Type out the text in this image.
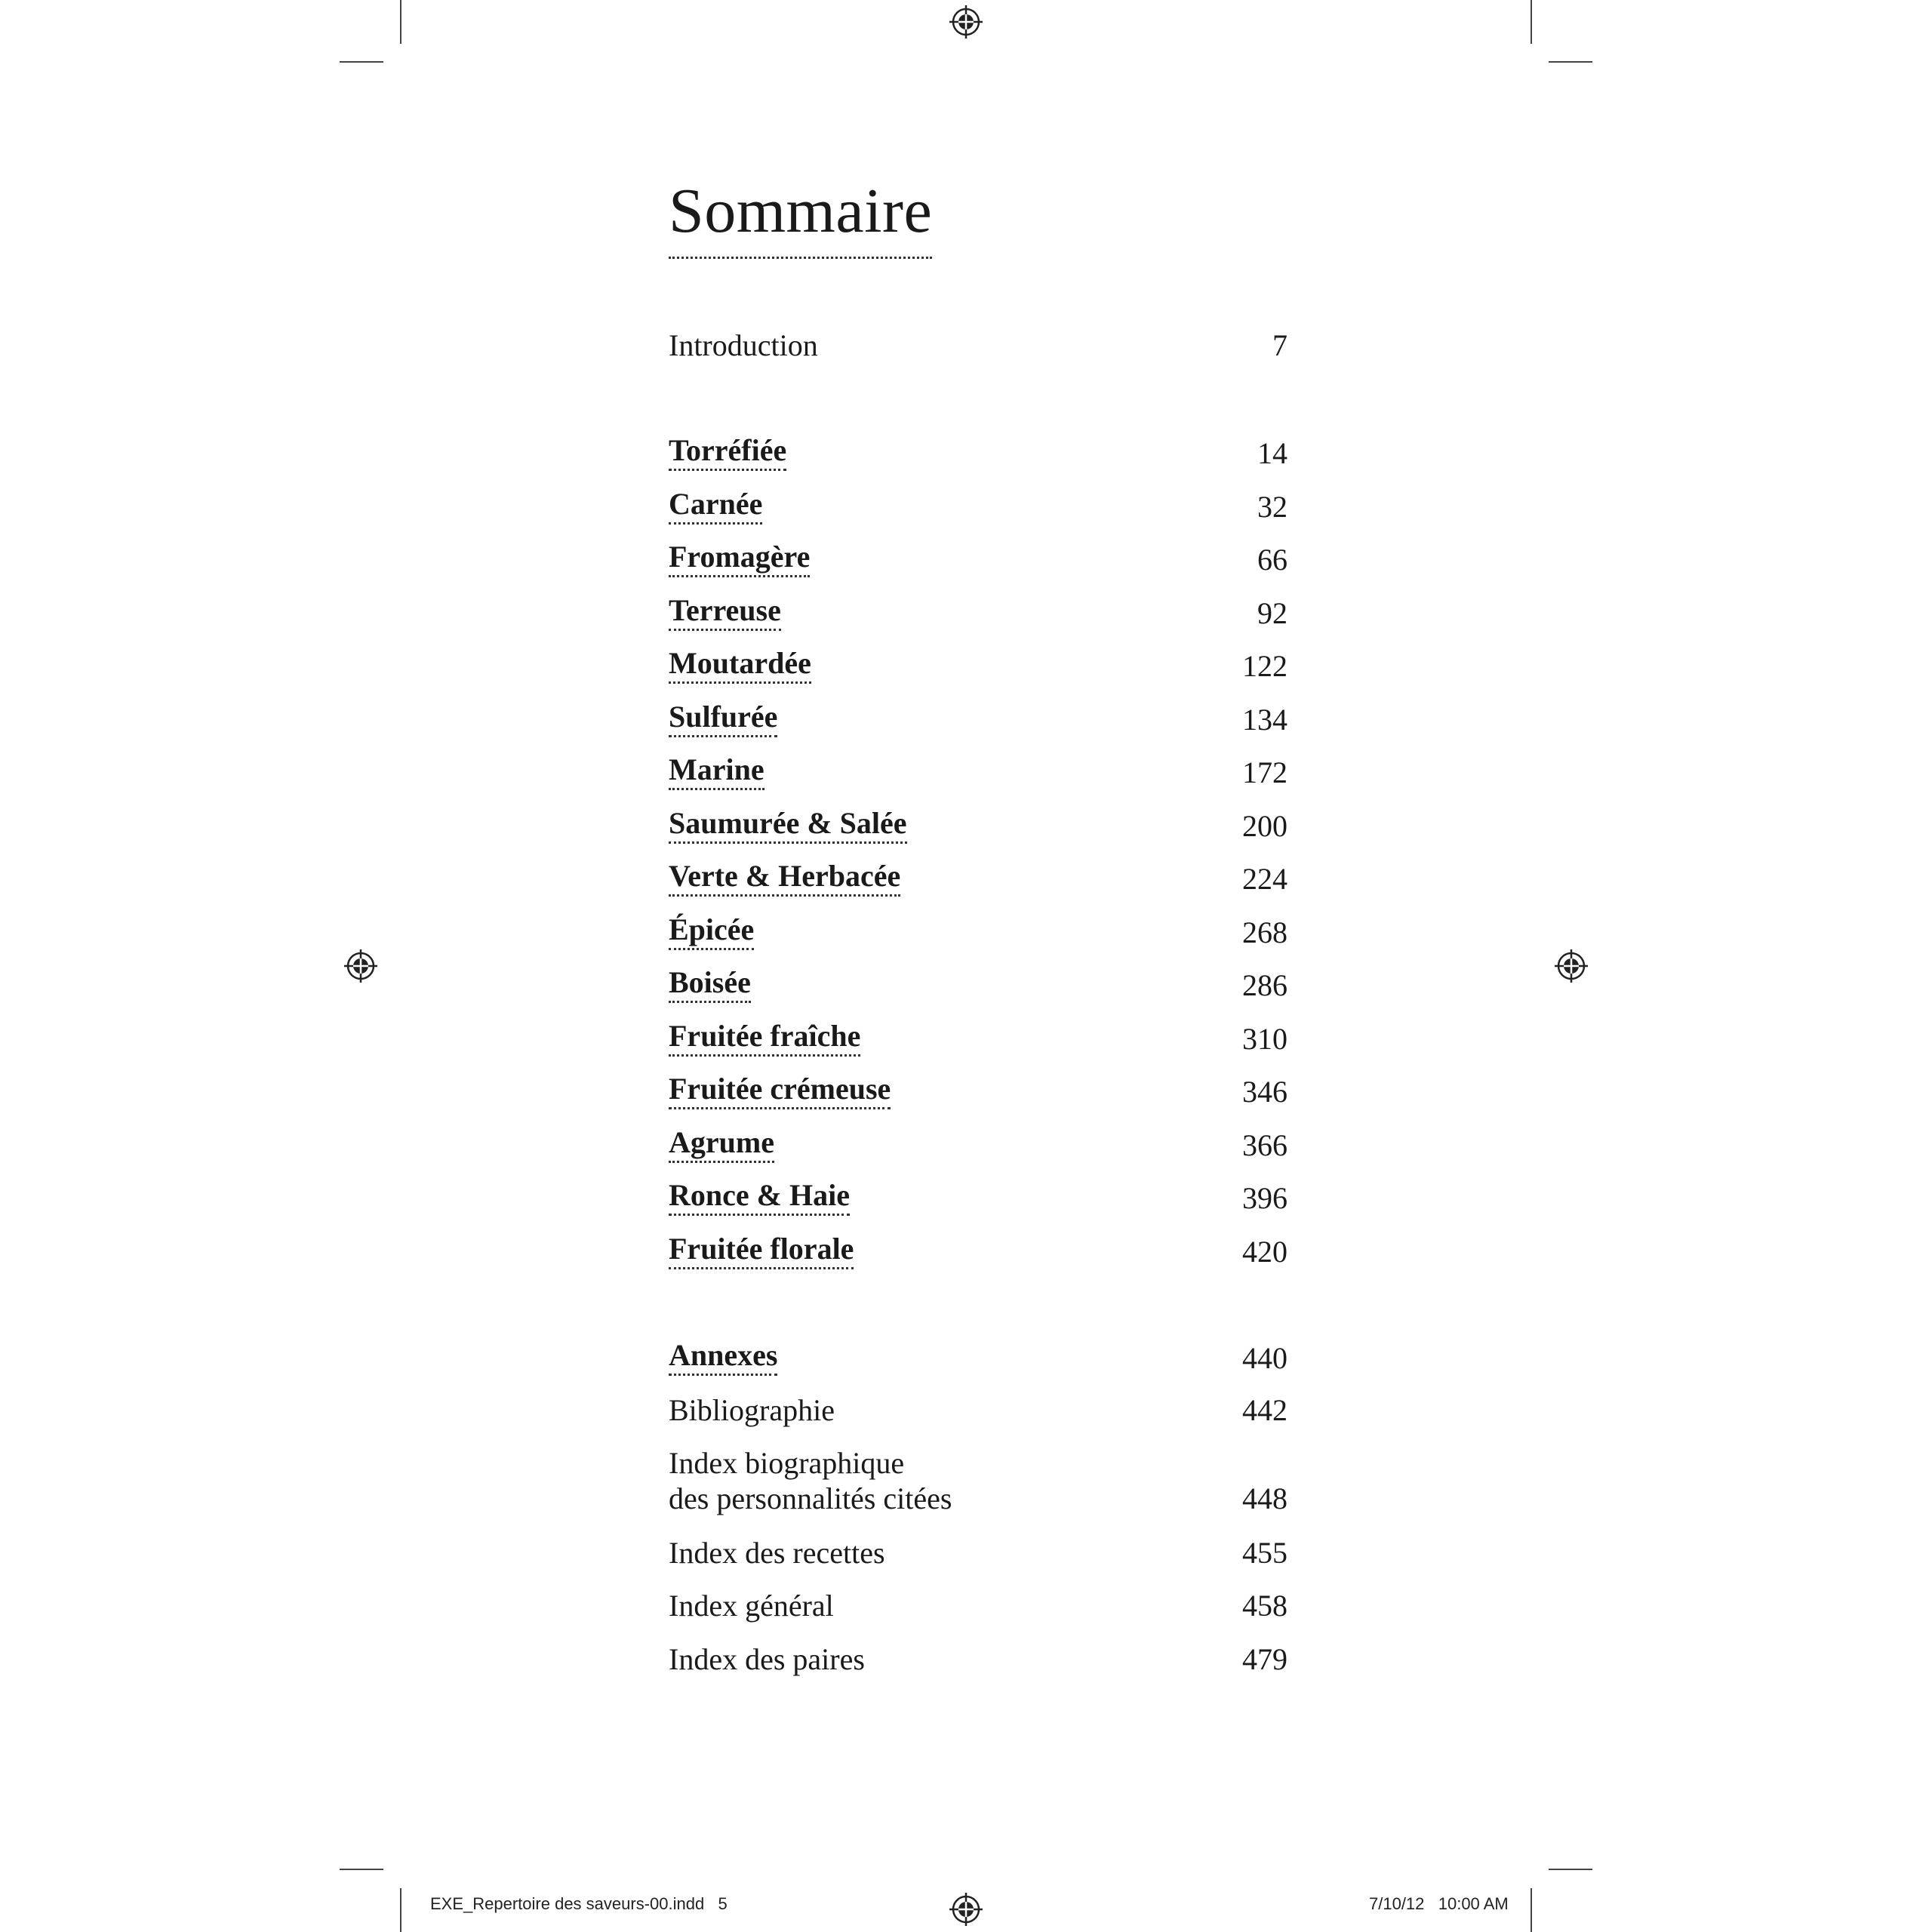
Sommaire
Introduction	7
Torréfiée	14
Carnée	32
Fromagère	66
Terreuse	92
Moutardée	122
Sulfurée	134
Marine	172
Saumurée & Salée	200
Verte & Herbacée	224
Épicée	268
Boisée	286
Fruitée fraîche	310
Fruitée crémeuse	346
Agrume	366
Ronce & Haie	396
Fruitée florale	420
Annexes	440
Bibliographie	442
Index biographique
des personnalités citées	448
Index des recettes	455
Index général	458
Index des paires	479
EXE_Repertoire des saveurs-00.indd   5	7/10/12   10:00 AM
